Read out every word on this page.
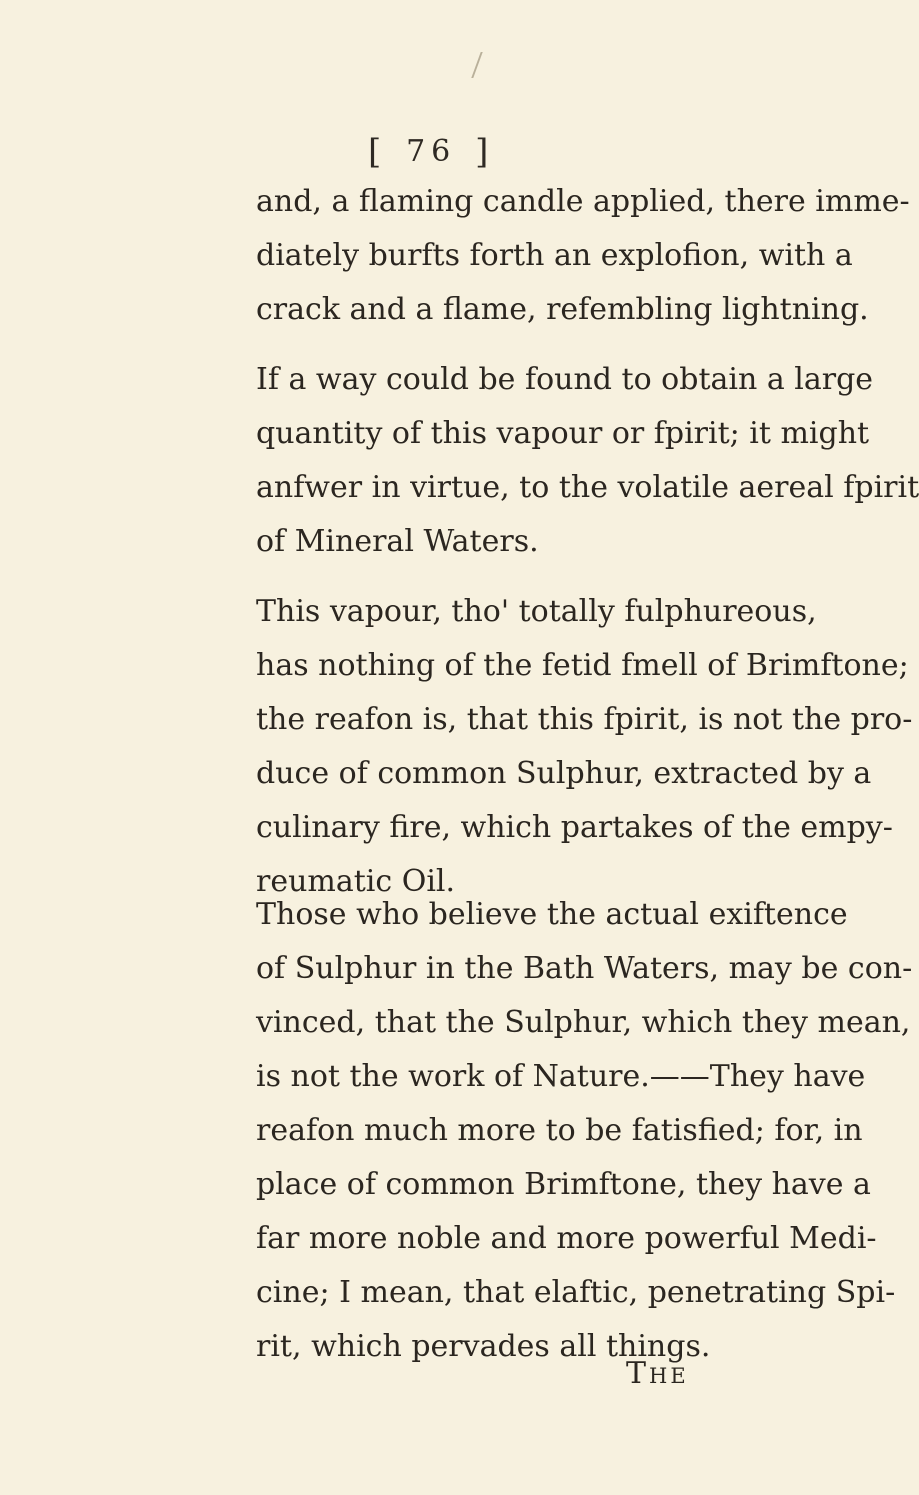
[ 76 ]
and, a flaming candle applied, there imme-
diately burfts forth an explofion, with a
crack and a flame, refembling lightning.
If a way could be found to obtain a large
quantity of this vapour or fpirit; it might
anfwer in virtue, to the volatile aereal fpirit
of Mineral Waters.
This vapour, tho' totally fulphureous,
has nothing of the fetid fmell of Brimftone;
the reafon is, that this fpirit, is not the pro-
duce of common Sulphur, extracted by a
culinary fire, which partakes of the empy-
reumatic Oil.
Those who believe the actual exiftence
of Sulphur in the Bath Waters, may be con-
vinced, that the Sulphur, which they mean,
is not the work of Nature.——They have
reafon much more to be fatisfied; for, in
place of common Brimftone, they have a
far more noble and more powerful Medi-
cine; I mean, that elaftic, penetrating Spi-
rit, which pervades all things.
The
